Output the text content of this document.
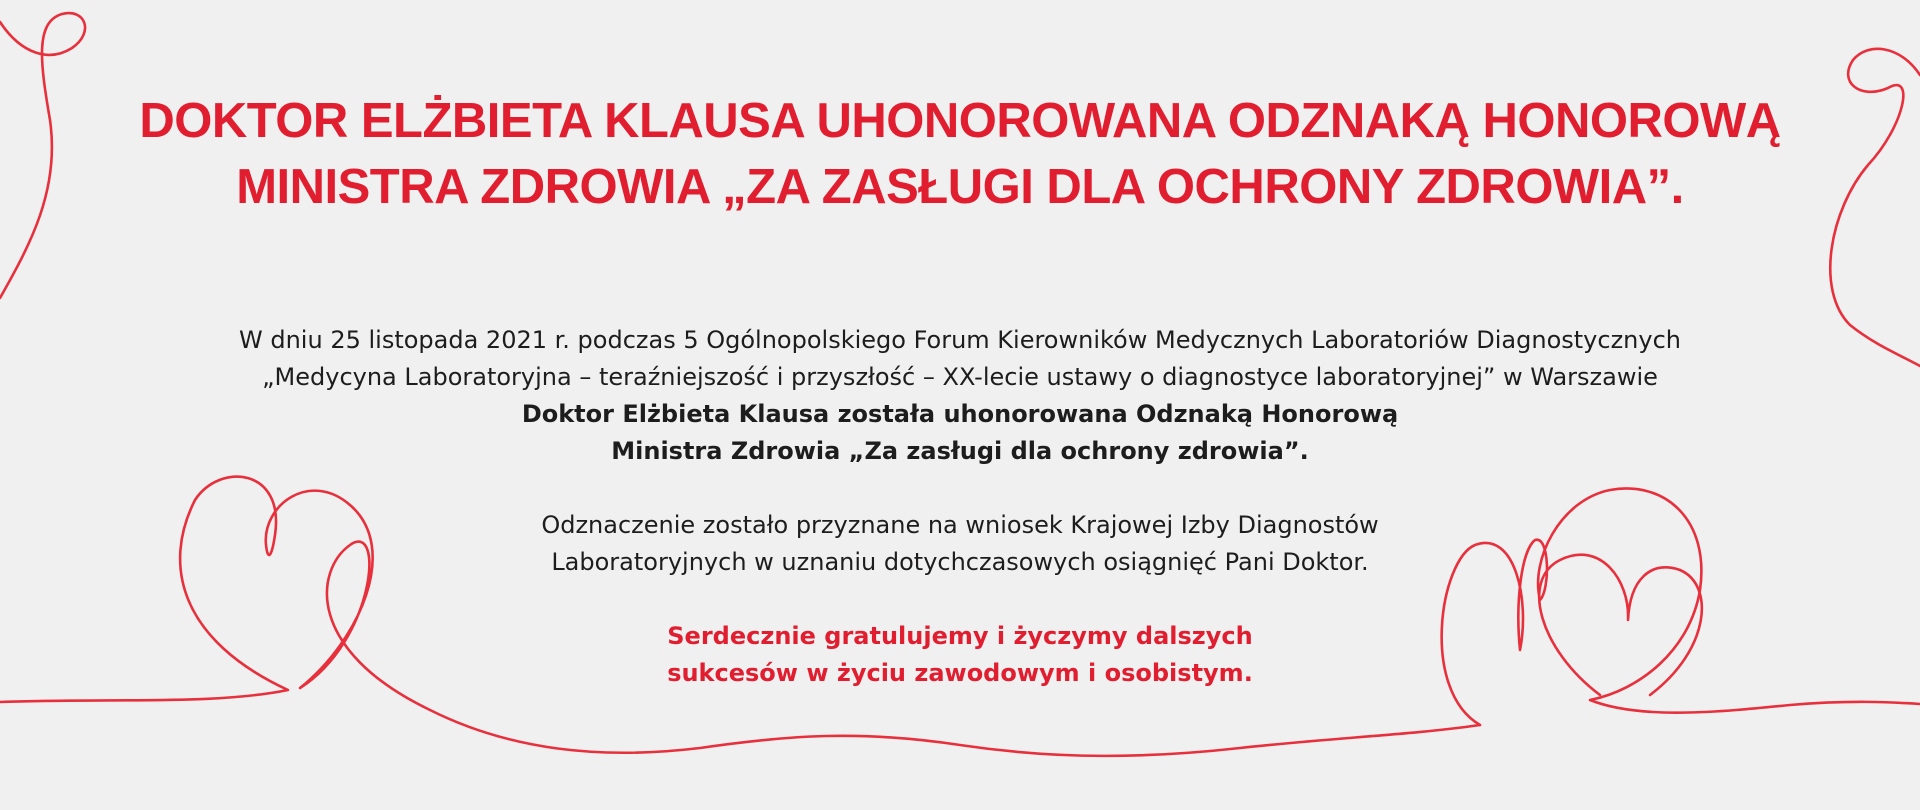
DOKTOR ELŻBIETA KLAUSA UHONOROWANA ODZNAKĄ HONOROWĄ
MINISTRA ZDROWIA „ZA ZASŁUGI DLA OCHRONY ZDROWIA”.
W dniu 25 listopada 2021 r. podczas 5 Ogólnopolskiego Forum Kierowników Medycznych Laboratoriów Diagnostycznych
„Medycyna Laboratoryjna – teraźniejszość i przyszłość – XX-lecie ustawy o diagnostyce laboratoryjnej” w Warszawie
Doktor Elżbieta Klausa została uhonorowana Odznaką Honorową
Ministra Zdrowia „Za zasługi dla ochrony zdrowia”.
Odznaczenie zostało przyznane na wniosek Krajowej Izby Diagnostów
Laboratoryjnych w uznaniu dotychczasowych osiągnięć Pani Doktor.
Serdecznie gratulujemy i życzymy dalszych
sukcesów w życiu zawodowym i osobistym.
